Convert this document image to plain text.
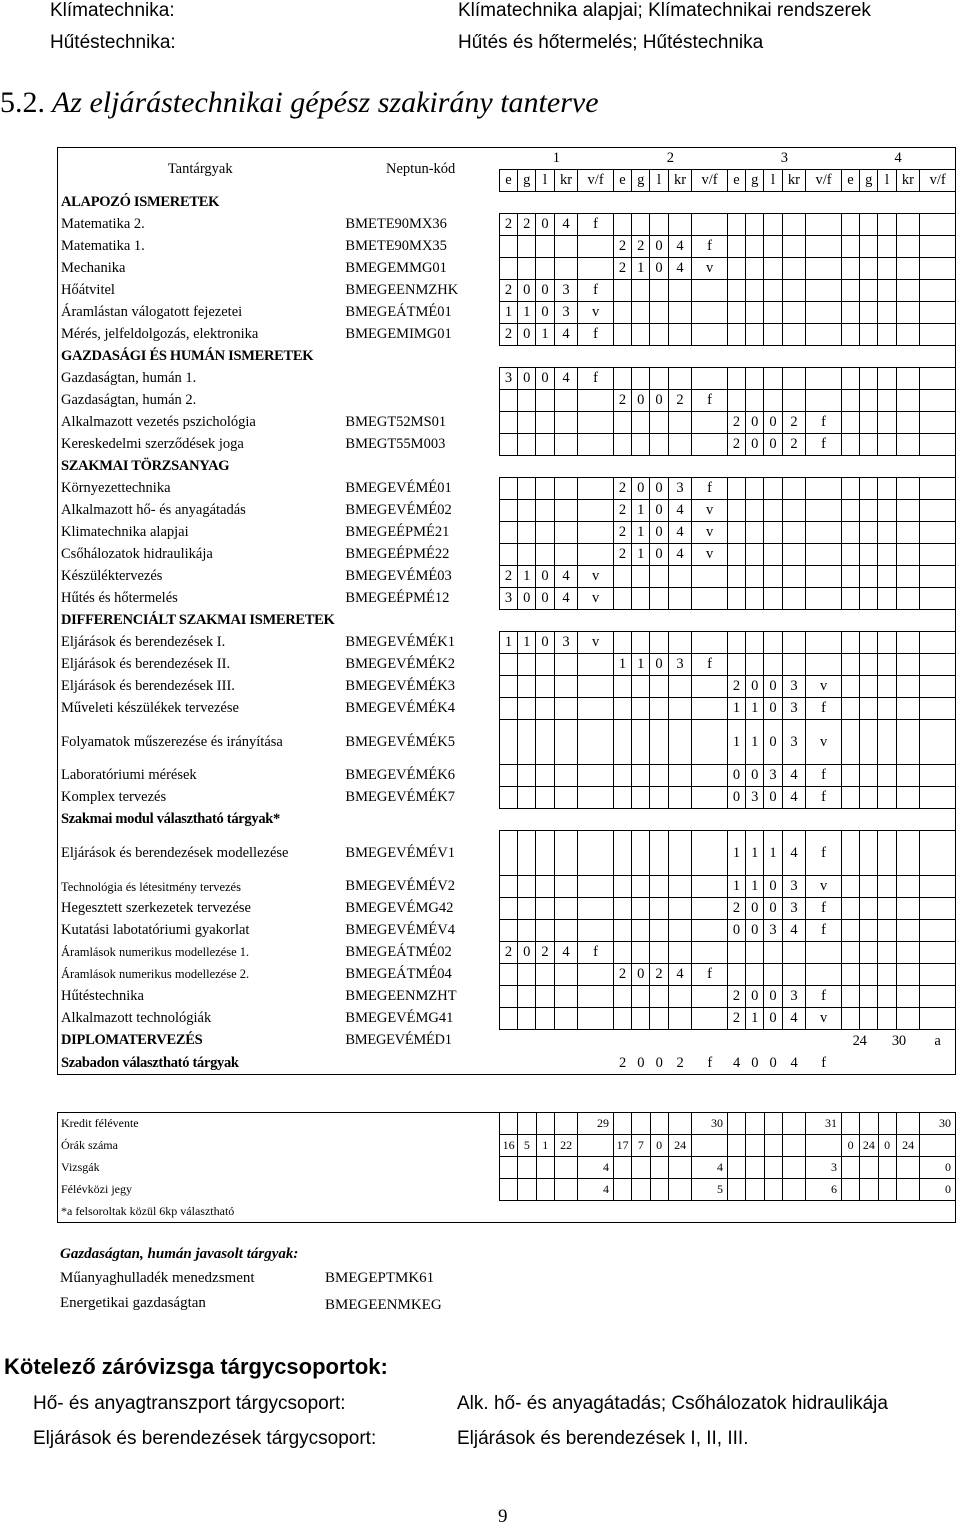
Klímatechnika:	Klímatechnika alapjai; Klímatechnikai rendszerek
Hűtéstechnika:	Hűtés és hőtermelés; Hűtéstechnika
5.2. Az eljárástechnikai gépész szakirány tanterve
Tantárgyak	Neptun-kód	1					2					3					4				
		e	g	l	kr	v/f	e	g	l	kr	v/f	e	g	l	kr	v/f	e	g	l	kr	v/f
ALAPOZÓ ISMERETEK																					
Matematika 2.	BMETE90MX36	2	2	0	4	f															
Matematika 1.	BMETE90MX35						2	2	0	4	f										
Mechanika	BMEGEMMG01						2	1	0	4	v										
Hőátvitel	BMEGEENMZHK	2	0	0	3	f															
Áramlástan válogatott fejezetei	BMEGEÁTMÉ01	1	1	0	3	v															
Mérés, jelfeldolgozás, elektronika	BMEGEMIMG01	2	0	1	4	f															
GAZDASÁGI ÉS HUMÁN ISMERETEK																					
Gazdaságtan, humán 1.		3	0	0	4	f															
Gazdaságtan, humán 2.							2	0	0	2	f										
Alkalmazott vezetés pszichológia	BMEGT52MS01											2	0	0	2	f					
Kereskedelmi szerződések joga	BMEGT55M003											2	0	0	2	f					
SZAKMAI TÖRZSANYAG																					
Környezettechnika	BMEGEVÉMÉ01						2	0	0	3	f										
Alkalmazott hő- és anyagátadás	BMEGEVÉMÉ02						2	1	0	4	v										
Klimatechnika alapjai	BMEGEÉPMÉ21						2	1	0	4	v										
Csőhálozatok hidraulikája	BMEGEÉPMÉ22						2	1	0	4	v										
Készüléktervezés	BMEGEVÉMÉ03	2	1	0	4	v															
Hűtés és hőtermelés	BMEGEÉPMÉ12	3	0	0	4	v															
DIFFERENCIÁLT SZAKMAI ISMERETEK																					
Eljárások és berendezések I.	BMEGEVÉMÉK1	1	1	0	3	v															
Eljárások és berendezések II.	BMEGEVÉMÉK2						1	1	0	3	f										
Eljárások és berendezések III.	BMEGEVÉMÉK3											2	0	0	3	v					
Műveleti készülékek tervezése	BMEGEVÉMÉK4											1	1	0	3	f					
Folyamatok műszerezése és irányítása	BMEGEVÉMÉK5											1	1	0	3	v					
Laboratóriumi mérések	BMEGEVÉMÉK6											0	0	3	4	f					
Komplex tervezés	BMEGEVÉMÉK7											0	3	0	4	f					
Szakmai modul választható tárgyak*																					
Eljárások és berendezések modellezése	BMEGEVÉMÉV1											1	1	1	4	f					
Technológia és létesitmény tervezés	BMEGEVÉMÉV2											1	1	0	3	v					
Hegesztett szerkezetek tervezése	BMEGEVÉMG42											2	0	0	3	f					
Kutatási labotatóriumi gyakorlat	BMEGEVÉMÉV4											0	0	3	4	f					
Áramlások numerikus modellezése 1.	BMEGEÁTMÉ02	2	0	2	4	f															
Áramlások numerikus modellezése 2.	BMEGEÁTMÉ04						2	0	2	4	f										
Hűtéstechnika	BMEGEENMZHT											2	0	0	3	f					
Alkalmazott technológiák	BMEGEVÉMG41											2	1	0	4	v					
DIPLOMATERVEZÉS	BMEGEVÉMÉD1																24		30		a
Szabadon választható tárgyak							2	0	0	2	f	4	0	0	4	f					
Kredit félévente					29					30					31					30
Órák száma	16	5	1	22		17	7	0	24							0	24	0	24	
Vizsgák					4					4					3					0
Félévközi jegy					4					5					6					0
*a felsoroltak közül 6kp választható																				
Gazdaságtan, humán javasolt tárgyak:
Műanyaghulladék menedzsment	BMEGEPTMK61
Energetikai gazdaságtan	BMEGEENMKEG
Kötelező záróvizsga tárgycsoportok:
Hő- és anyagtranszport tárgycsoport:	Alk. hő- és anyagátadás; Csőhálozatok hidraulikája
Eljárások és berendezések tárgycsoport:	Eljárások és berendezések I, II, III.
9
